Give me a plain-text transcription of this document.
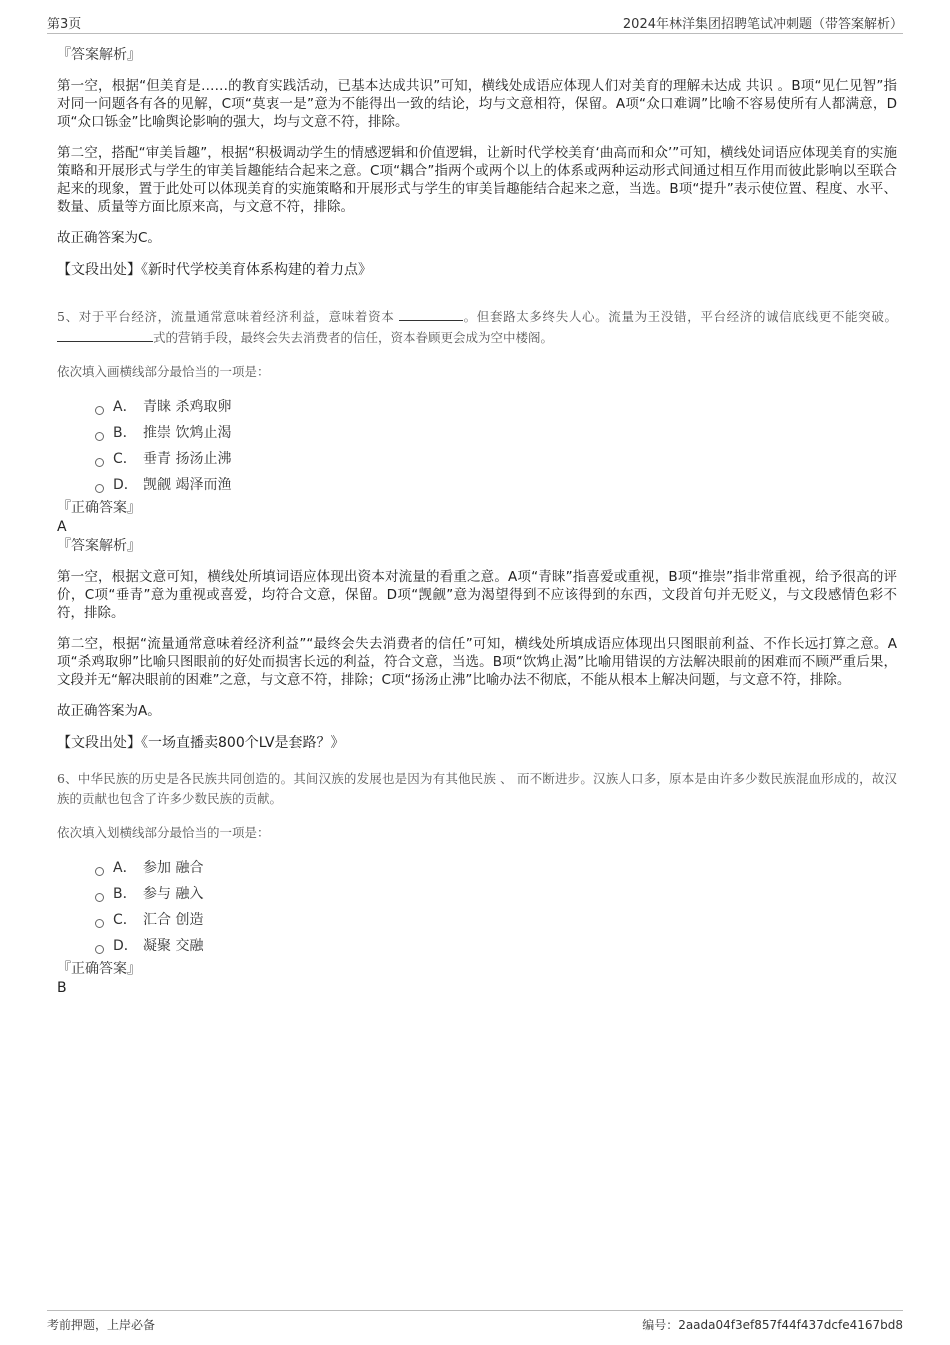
第3页	2024年林洋集团招聘笔试冲刺题（带答案解析）

『答案解析』

第一空，根据“但美育是……的教育实践活动，已基本达成共识”可知，横线处成语应体现人们对美育的理解未达成 共识 。B项“见仁见智”指对同一问题各有各的见解，C项“莫衷一是”意为不能得出一致的结论，均与文意相符，保留。A项“众口难调”比喻不容易使所有人都满意，D项“众口铄金”比喻舆论影响的强大，均与文意不符，排除。

第二空，搭配“审美旨趣”，根据“积极调动学生的情感逻辑和价值逻辑，让新时代学校美育‘曲高而和众’”可知，横线处词语应体现美育的实施策略和开展形式与学生的审美旨趣能结合起来之意。C项“耦合”指两个或两个以上的体系或两种运动形式间通过相互作用而彼此影响以至联合起来的现象，置于此处可以体现美育的实施策略和开展形式与学生的审美旨趣能结合起来之意，当选。B项“提升”表示使位置、程度、水平、数量、质量等方面比原来高，与文意不符，排除。

故正确答案为C。

【文段出处】《新时代学校美育体系构建的着力点》

5、对于平台经济，流量通常意味着经济利益，意味着资本	。但套路太多终失人心。流量为王没错，平台经济的诚信底线更不能突破。 式的营销手段，最终会失去消费者的信任，资本眷顾更会成为空中楼阁。

依次填入画横线部分最恰当的一项是：

A． 青睐 杀鸡取卵
B． 推崇 饮鸩止渴
C． 垂青 扬汤止沸
D． 觊觎 竭泽而渔

『正确答案』

A

『答案解析』

第一空，根据文意可知，横线处所填词语应体现出资本对流量的看重之意。A项“青睐”指喜爱或重视，B项“推崇”指非常重视，给予很高的评价，C项“垂青”意为重视或喜爱，均符合文意，保留。D项“觊觎”意为渴望得到不应该得到的东西，文段首句并无贬义，与文段感情色彩不符，排除。

第二空，根据“流量通常意味着经济利益”“最终会失去消费者的信任”可知，横线处所填成语应体现出只图眼前利益、不作长远打算之意。A项“杀鸡取卵”比喻只图眼前的好处而损害长远的利益，符合文意，当选。B项“饮鸩止渴”比喻用错误的方法解决眼前的困难而不顾严重后果，文段并无“解决眼前的困难”之意，与文意不符，排除；C项“扬汤止沸”比喻办法不彻底，不能从根本上解决问题，与文意不符，排除。

故正确答案为A。

【文段出处】《一场直播卖800个LV是套路？》

6、中华民族的历史是各民族共同创造的。其间汉族的发展也是因为有其他民族 、 而不断进步。汉族人口多，原本是由许多少数民族混血形成的，故汉族的贡献也包含了许多少数民族的贡献。

依次填入划横线部分最恰当的一项是：

A． 参加 融合
B． 参与 融入
C． 汇合 创造
D． 凝聚 交融

『正确答案』

B

考前押题，上岸必备	编号：2aada04f3ef857f44f437dcfe4167bd8
